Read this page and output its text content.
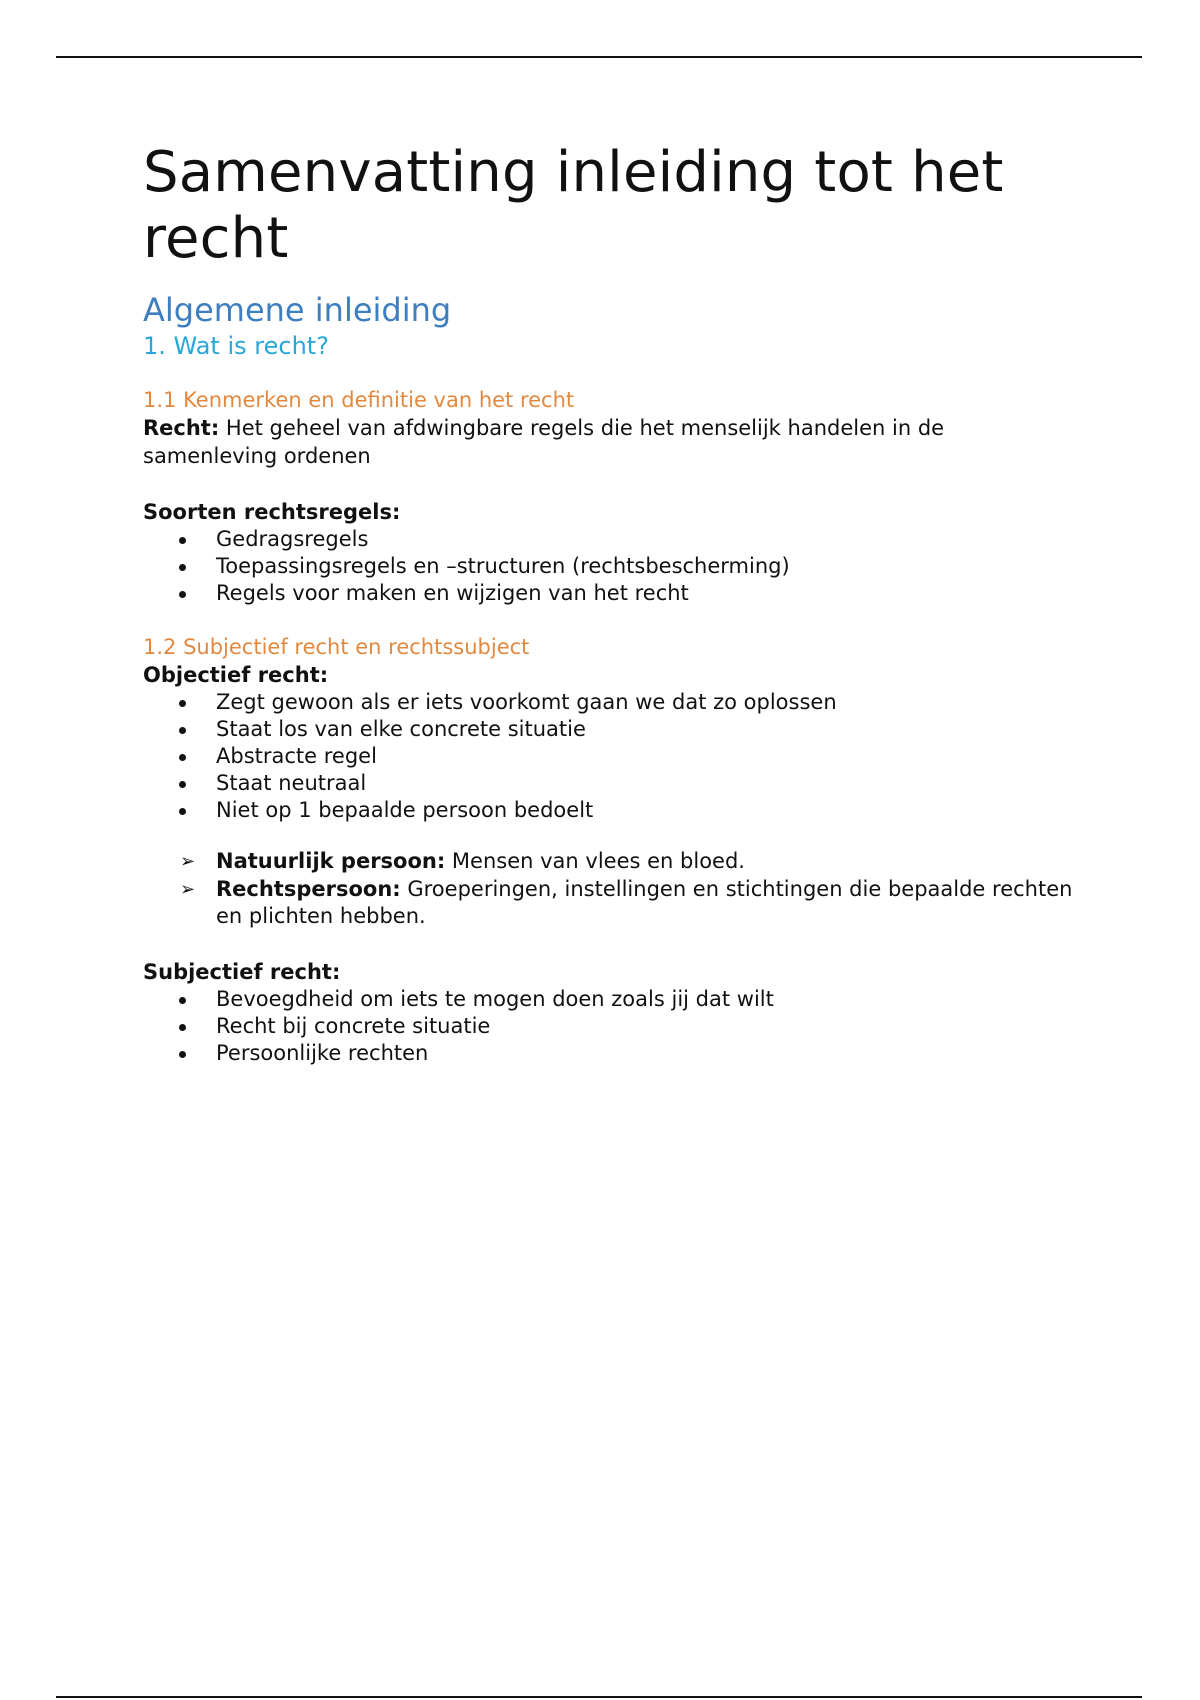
Samenvatting inleiding tot het recht
Algemene inleiding
1. Wat is recht?
1.1 Kenmerken en definitie van het recht

Recht: Het geheel van afdwingbare regels die het menselijk handelen in de samenleving ordenen

Soorten rechtsregels:
Gedragsregels
Toepassingsregels en –structuren (rechtsbescherming)
Regels voor maken en wijzigen van het recht
1.2 Subjectief recht en rechtssubject
Objectief recht:
Zegt gewoon als er iets voorkomt gaan we dat zo oplossen
Staat los van elke concrete situatie
Abstracte regel
Staat neutraal
Niet op 1 bepaalde persoon bedoelt
➢ Natuurlijk persoon: Mensen van vlees en bloed.
➢ Rechtspersoon: Groeperingen, instellingen en stichtingen die bepaalde rechten en plichten hebben.
Subjectief recht:
Bevoegdheid om iets te mogen doen zoals jij dat wilt
Recht bij concrete situatie
Persoonlijke rechten
